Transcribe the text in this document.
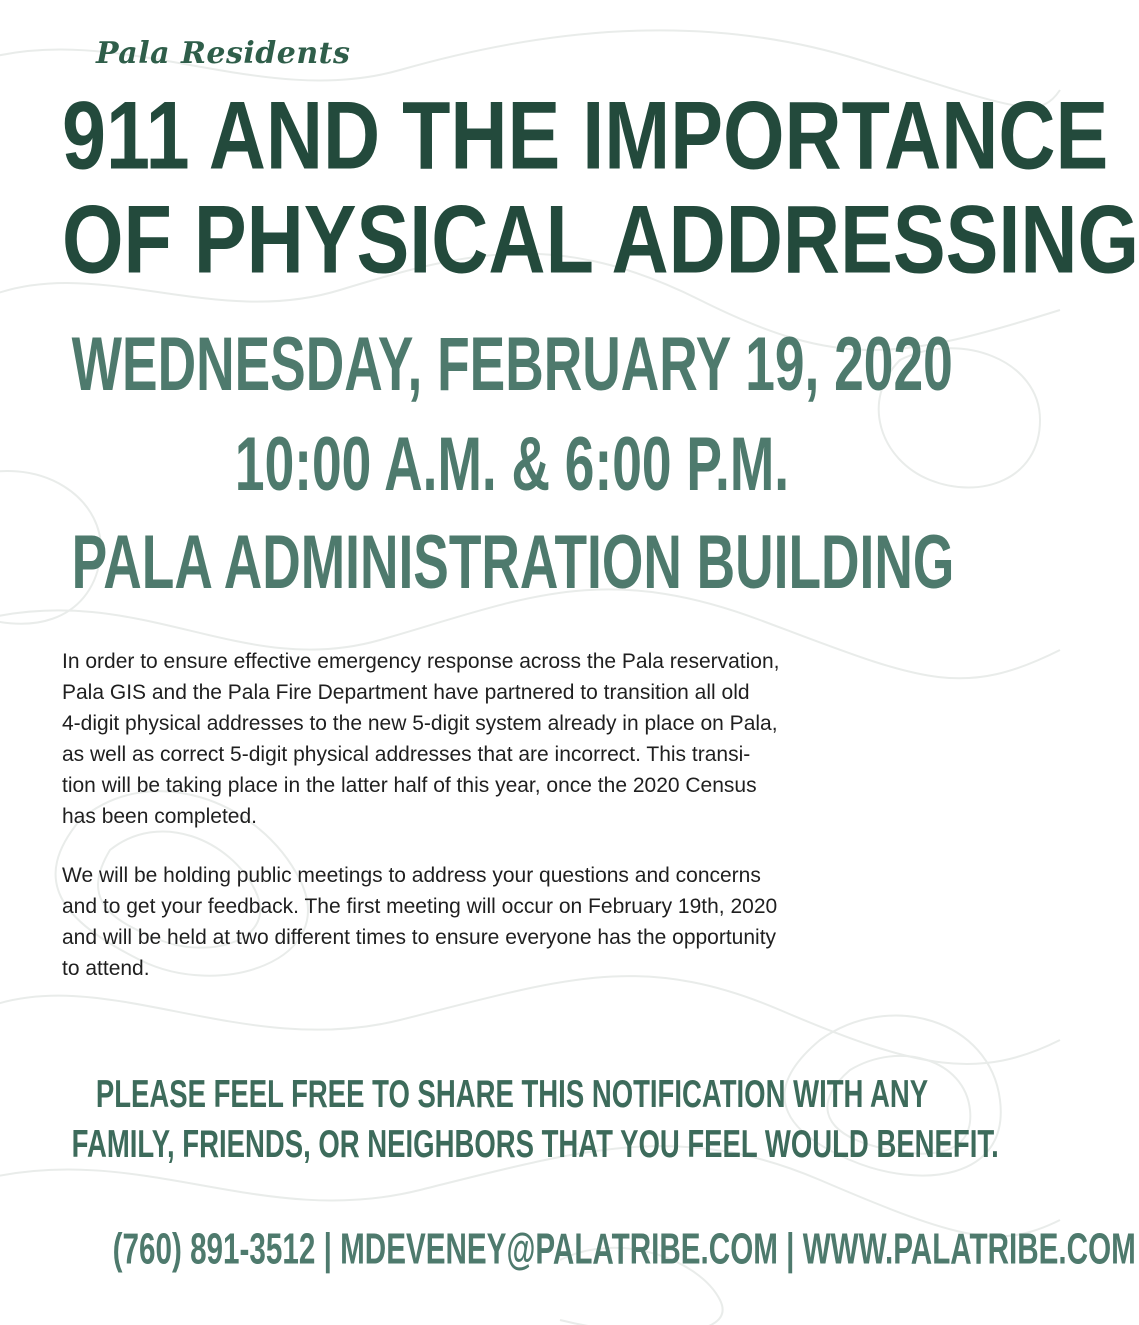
Pala Residents
911 AND THE IMPORTANCE
OF PHYSICAL ADDRESSING
WEDNESDAY, FEBRUARY 19, 2020
10:00 A.M. & 6:00 P.M.
PALA ADMINISTRATION BUILDING

In order to ensure effective emergency response across the Pala reservation,
Pala GIS and the Pala Fire Department have partnered to transition all old
4-digit physical addresses to the new 5-digit system already in place on Pala,
as well as correct 5-digit physical addresses that are incorrect. This transi-
tion will be taking place in the latter half of this year, once the 2020 Census
has been completed.

We will be holding public meetings to address your questions and concerns
and to get your feedback. The first meeting will occur on February 19th, 2020
and will be held at two different times to ensure everyone has the opportunity
to attend.

PLEASE FEEL FREE TO SHARE THIS NOTIFICATION WITH ANY
FAMILY, FRIENDS, OR NEIGHBORS THAT YOU FEEL WOULD BENEFIT.
(760) 891-3512 | MDEVENEY@PALATRIBE.COM | WWW.PALATRIBE.COM
